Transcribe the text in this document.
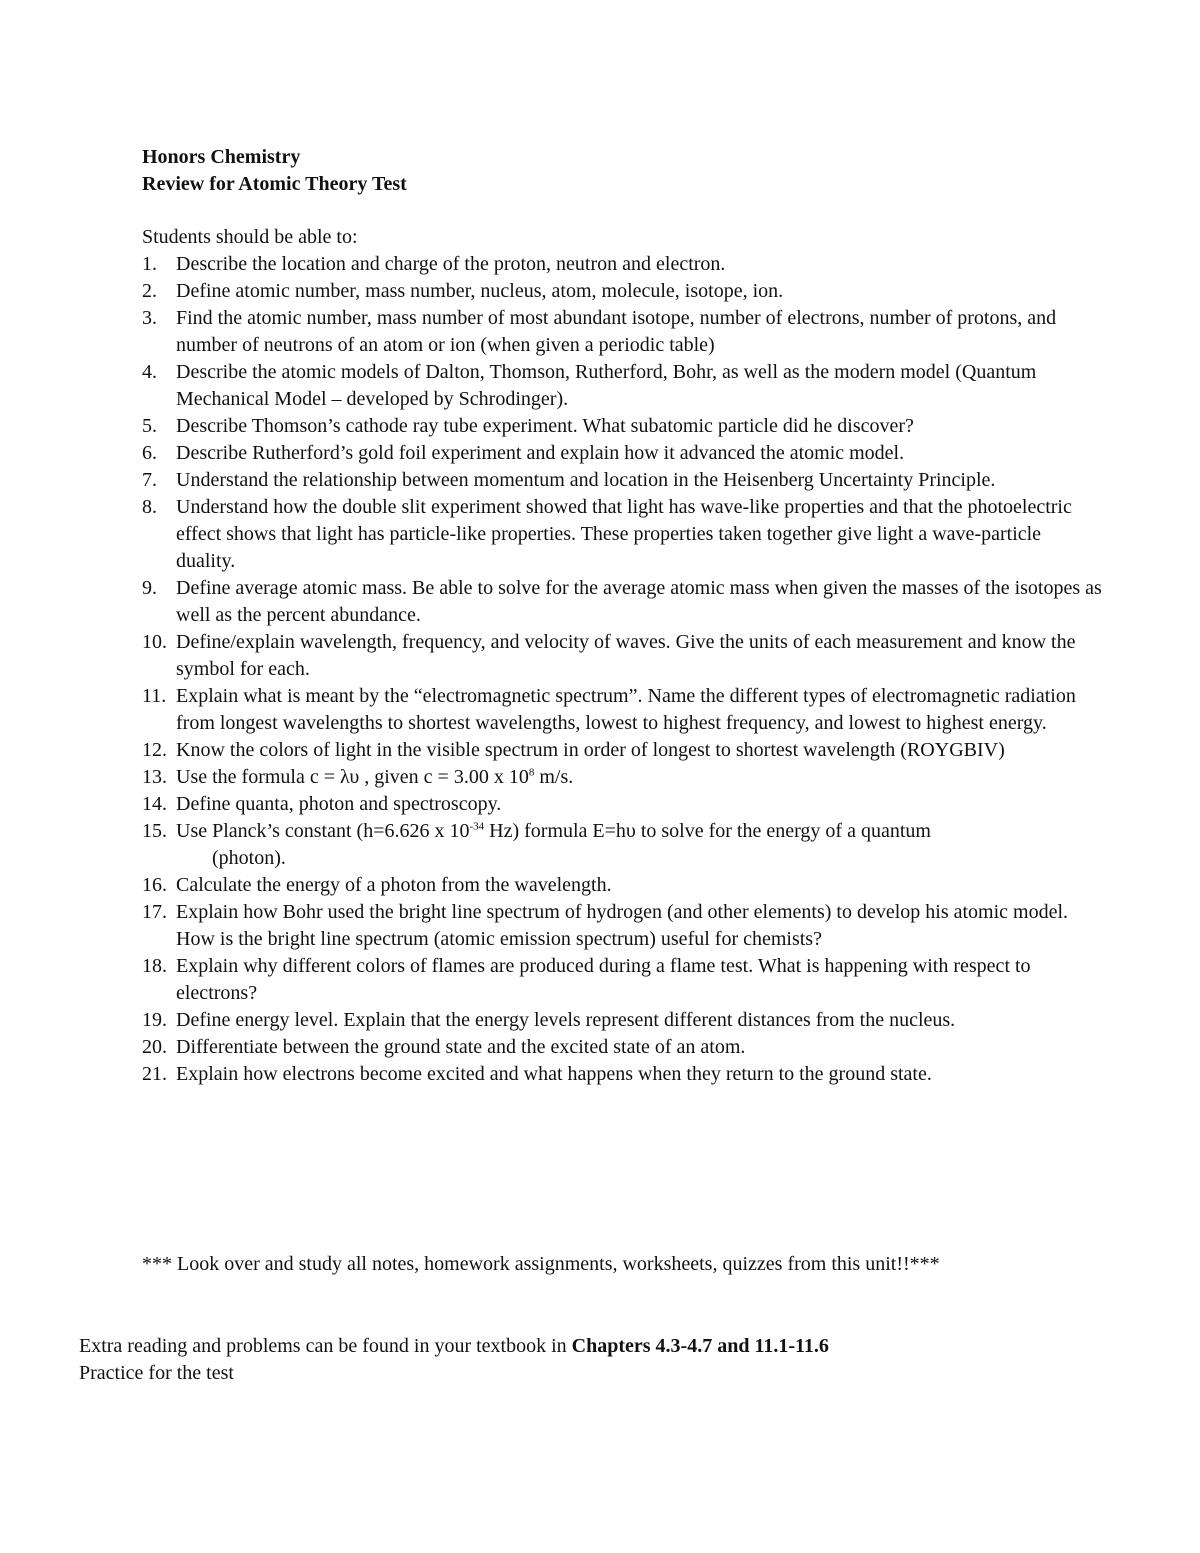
Honors Chemistry
Review for Atomic Theory Test
Students should be able to:
1. Describe the location and charge of the proton, neutron and electron.
2. Define atomic number, mass number, nucleus, atom, molecule, isotope, ion.
3. Find the atomic number, mass number of most abundant isotope, number of electrons, number of protons, and number of neutrons of an atom or ion (when given a periodic table)
4. Describe the atomic models of Dalton, Thomson, Rutherford, Bohr, as well as the modern model (Quantum Mechanical Model – developed by Schrodinger).
5. Describe Thomson’s cathode ray tube experiment. What subatomic particle did he discover?
6. Describe Rutherford’s gold foil experiment and explain how it advanced the atomic model.
7. Understand the relationship between momentum and location in the Heisenberg Uncertainty Principle.
8. Understand how the double slit experiment showed that light has wave-like properties and that the photoelectric effect shows that light has particle-like properties. These properties taken together give light a wave-particle duality.
9. Define average atomic mass. Be able to solve for the average atomic mass when given the masses of the isotopes as well as the percent abundance.
10. Define/explain wavelength, frequency, and velocity of waves. Give the units of each measurement and know the symbol for each.
11. Explain what is meant by the “electromagnetic spectrum”. Name the different types of electromagnetic radiation from longest wavelengths to shortest wavelengths, lowest to highest frequency, and lowest to highest energy.
12. Know the colors of light in the visible spectrum in order of longest to shortest wavelength (ROYGBIV)
13. Use the formula c = λυ , given c = 3.00 x $10^8$ m/s.
14. Define quanta, photon and spectroscopy.
15. Use Planck’s constant (h=6.626 x $10^{-34}$ Hz) formula E=hυ to solve for the energy of a quantum
(photon).
16. Calculate the energy of a photon from the wavelength.
17. Explain how Bohr used the bright line spectrum of hydrogen (and other elements) to develop his atomic model. How is the bright line spectrum (atomic emission spectrum) useful for chemists?
18. Explain why different colors of flames are produced during a flame test. What is happening with respect to electrons?
19. Define energy level. Explain that the energy levels represent different distances from the nucleus.
20. Differentiate between the ground state and the excited state of an atom.
21. Explain how electrons become excited and what happens when they return to the ground state.
*** Look over and study all notes, homework assignments, worksheets, quizzes from this unit!!***
Extra reading and problems can be found in your textbook in Chapters 4.3-4.7 and 11.1-11.6
Practice for the test
